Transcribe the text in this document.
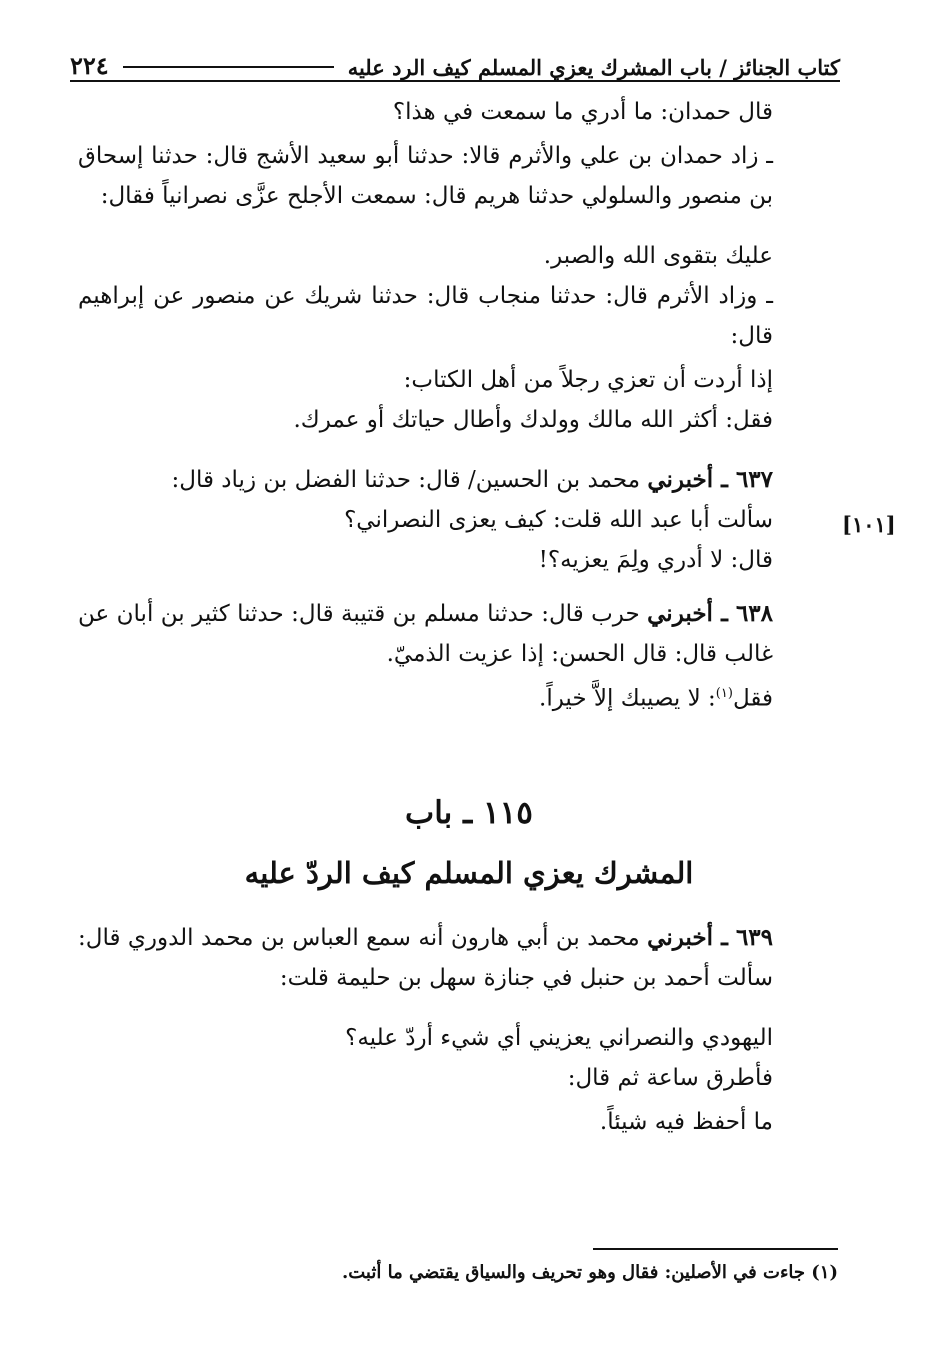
كتاب الجنائز / باب المشرك يعزي المسلم كيف الرد عليه
٢٢٤

قال حمدان: ما أدري ما سمعت في هذا؟

ـ زاد حمدان بن علي والأثرم قالا: حدثنا أبو سعيد الأشج قال: حدثنا إسحاق بن منصور والسلولي حدثنا هريم قال: سمعت الأجلح عزَّى نصرانياً فقال:

عليك بتقوى الله والصبر.

ـ وزاد الأثرم قال: حدثنا منجاب قال: حدثنا شريك عن منصور عن إبراهيم قال:

إذا أردت أن تعزي رجلاً من أهل الكتاب:

فقل: أكثر الله مالك وولدك وأطال حياتك أو عمرك.

٦٣٧ ـ أخبرني محمد بن الحسين/ قال: حدثنا الفضل بن زياد قال:

سألت أبا عبد الله قلت: كيف يعزى النصراني؟

قال: لا أدري ولِمَ يعزيه؟!

٦٣٨ ـ أخبرني حرب قال: حدثنا مسلم بن قتيبة قال: حدثنا كثير بن أبان عن غالب قال: قال الحسن: إذا عزيت الذميّ.

فقل$^{(١)}$: لا يصيبك إلاَّ خيراً.

[١٠١]
١١٥ ـ باب
المشرك يعزي المسلم كيف الردّ عليه

٦٣٩ ـ أخبرني محمد بن أبي هارون أنه سمع العباس بن محمد الدوري قال: سألت أحمد بن حنبل في جنازة سهل بن حليمة قلت:

اليهودي والنصراني يعزيني أي شيء أردّ عليه؟

فأطرق ساعة ثم قال:

ما أحفظ فيه شيئاً.

(١) جاءت في الأصلين: فقال وهو تحريف والسياق يقتضي ما أثبت.
